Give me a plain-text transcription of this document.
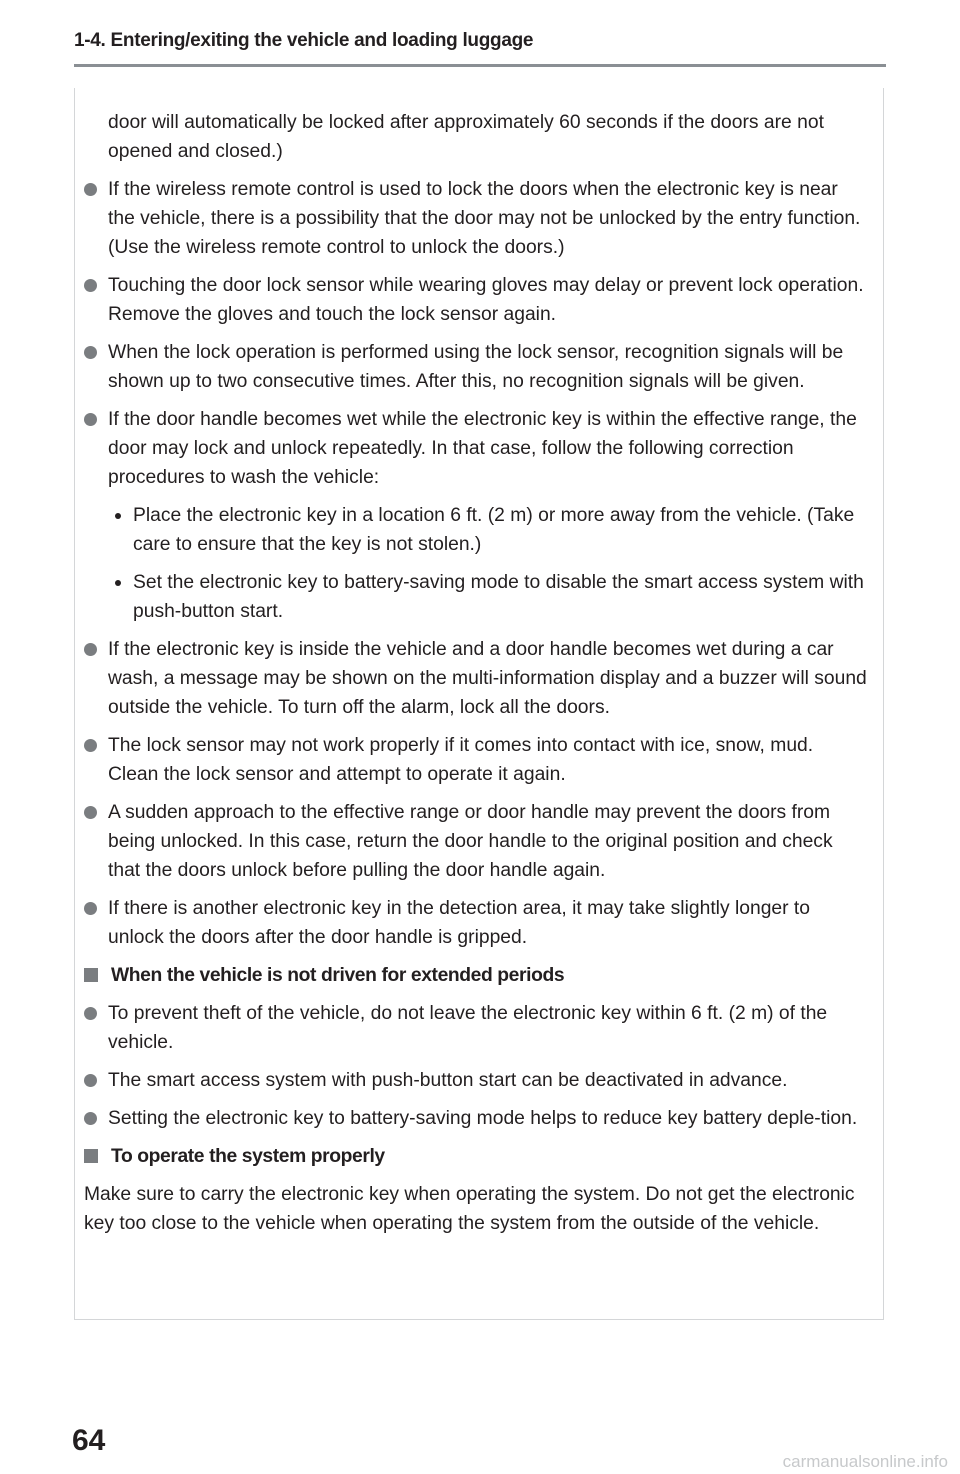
1-4. Entering/exiting the vehicle and loading luggage

door will automatically be locked after approximately 60 seconds if the doors are not opened and closed.)

If the wireless remote control is used to lock the doors when the electronic key is near the vehicle, there is a possibility that the door may not be unlocked by the entry function. (Use the wireless remote control to unlock the doors.)

Touching the door lock sensor while wearing gloves may delay or prevent lock operation. Remove the gloves and touch the lock sensor again.

When the lock operation is performed using the lock sensor, recognition signals will be shown up to two consecutive times. After this, no recognition signals will be given.

If the door handle becomes wet while the electronic key is within the effective range, the door may lock and unlock repeatedly. In that case, follow the following correction procedures to wash the vehicle:

Place the electronic key in a location 6 ft. (2 m) or more away from the vehicle. (Take care to ensure that the key is not stolen.)

Set the electronic key to battery-saving mode to disable the smart access system with push-button start.

If the electronic key is inside the vehicle and a door handle becomes wet during a car wash, a message may be shown on the multi-information display and a buzzer will sound outside the vehicle. To turn off the alarm, lock all the doors.

The lock sensor may not work properly if it comes into contact with ice, snow, mud. Clean the lock sensor and attempt to operate it again.

A sudden approach to the effective range or door handle may prevent the doors from being unlocked. In this case, return the door handle to the original position and check that the doors unlock before pulling the door handle again.

If there is another electronic key in the detection area, it may take slightly longer to unlock the doors after the door handle is gripped.

When the vehicle is not driven for extended periods

To prevent theft of the vehicle, do not leave the electronic key within 6 ft. (2 m) of the vehicle.

The smart access system with push-button start can be deactivated in advance.

Setting the electronic key to battery-saving mode helps to reduce key battery deple-tion.

To operate the system properly

Make sure to carry the electronic key when operating the system. Do not get the electronic key too close to the vehicle when operating the system from the outside of the vehicle.

64
carmanualsonline.info
